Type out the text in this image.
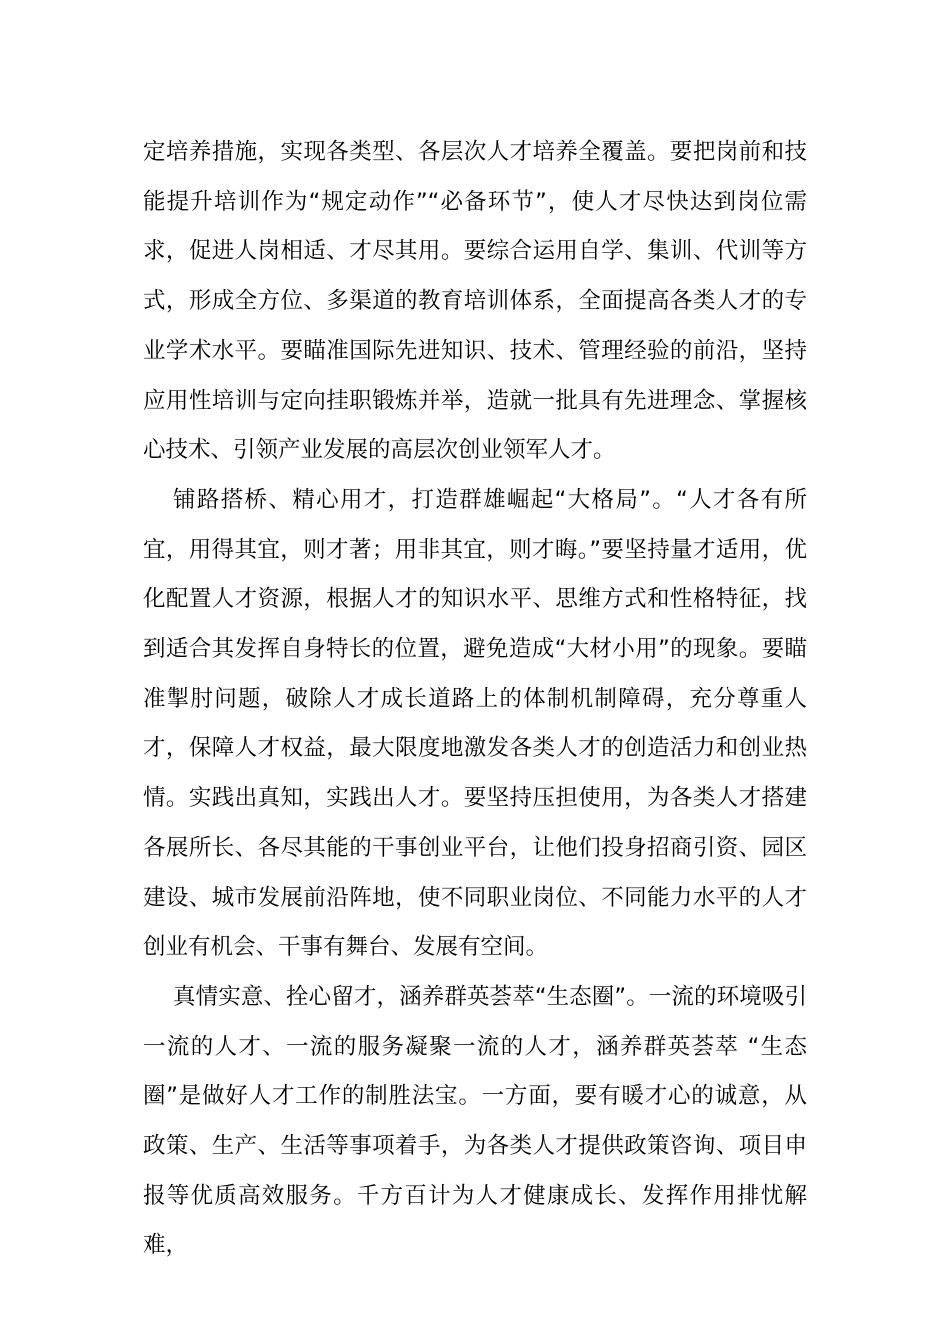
定培养措施，实现各类型、各层次人才培养全覆盖。要把岗前和技能提升培训作为“规定动作”“必备环节”，使人才尽快达到岗位需求，促进人岗相适、才尽其用。要综合运用自学、集训、代训等方式，形成全方位、多渠道的教育培训体系，全面提高各类人才的专业学术水平。要瞄准国际先进知识、技术、管理经验的前沿，坚持应用性培训与定向挂职锻炼并举，造就一批具有先进理念、掌握核心技术、引领产业发展的高层次创业领军人才。

铺路搭桥、精心用才，打造群雄崛起“大格局”。“人才各有所宜，用得其宜，则才著；用非其宜，则才晦。”要坚持量才适用，优化配置人才资源，根据人才的知识水平、思维方式和性格特征，找到适合其发挥自身特长的位置，避免造成“大材小用”的现象。要瞄准掣肘问题，破除人才成长道路上的体制机制障碍，充分尊重人才，保障人才权益，最大限度地激发各类人才的创造活力和创业热情。实践出真知，实践出人才。要坚持压担使用，为各类人才搭建各展所长、各尽其能的干事创业平台，让他们投身招商引资、园区建设、城市发展前沿阵地，使不同职业岗位、不同能力水平的人才创业有机会、干事有舞台、发展有空间。

真情实意、拴心留才，涵养群英荟萃“生态圈”。一流的环境吸引一流的人才、一流的服务凝聚一流的人才，涵养群英荟萃 “生态圈”是做好人才工作的制胜法宝。一方面，要有暖才心的诚意，从政策、生产、生活等事项着手，为各类人才提供政策咨询、项目申报等优质高效服务。千方百计为人才健康成长、发挥作用排忧解难，
